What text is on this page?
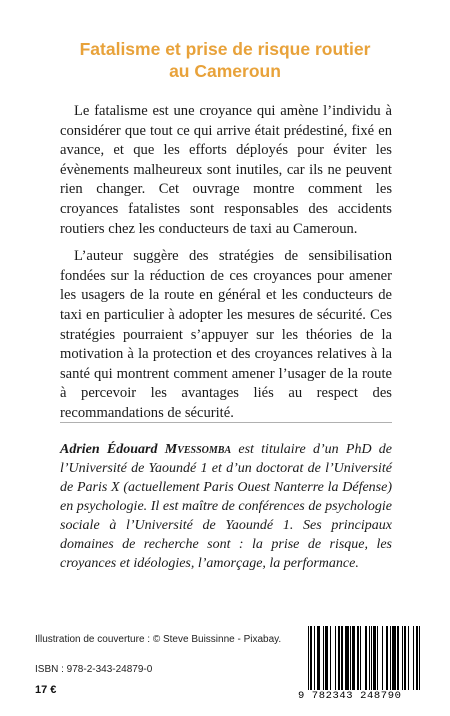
Fatalisme et prise de risque routier
au Cameroun

Le fatalisme est une croyance qui amène l’individu à considérer que tout ce qui arrive était prédestiné, fixé en avance, et que les efforts déployés pour éviter les évènements malheureux sont inutiles, car ils ne peuvent rien changer. Cet ouvrage montre comment les croyances fatalistes sont responsables des accidents routiers chez les conducteurs de taxi au Cameroun.

L’auteur suggère des stratégies de sensibilisation fondées sur la réduction de ces croyances pour amener les usagers de la route en général et les conducteurs de taxi en particulier à adopter les mesures de sécurité. Ces stratégies pourraient s’appuyer sur les théories de la motivation à la protection et des croyances relatives à la santé qui montrent comment amener l’usager de la route à percevoir les avantages liés au respect des recommandations de sécurité.

Adrien Édouard Mvessomba est titulaire d’un PhD de l’Université de Yaoundé 1 et d’un doctorat de l’Université de Paris X (actuellement Paris Ouest Nanterre la Défense) en psychologie. Il est maître de conférences de psychologie sociale à l’Université de Yaoundé 1. Ses principaux domaines de recherche sont : la prise de risque, les croyances et idéologies, l’amorçage, la performance.

Illustration de couverture : © Steve Buissinne - Pixabay.
ISBN : 978-2-343-24879-0
17 €	9 782343 248790
